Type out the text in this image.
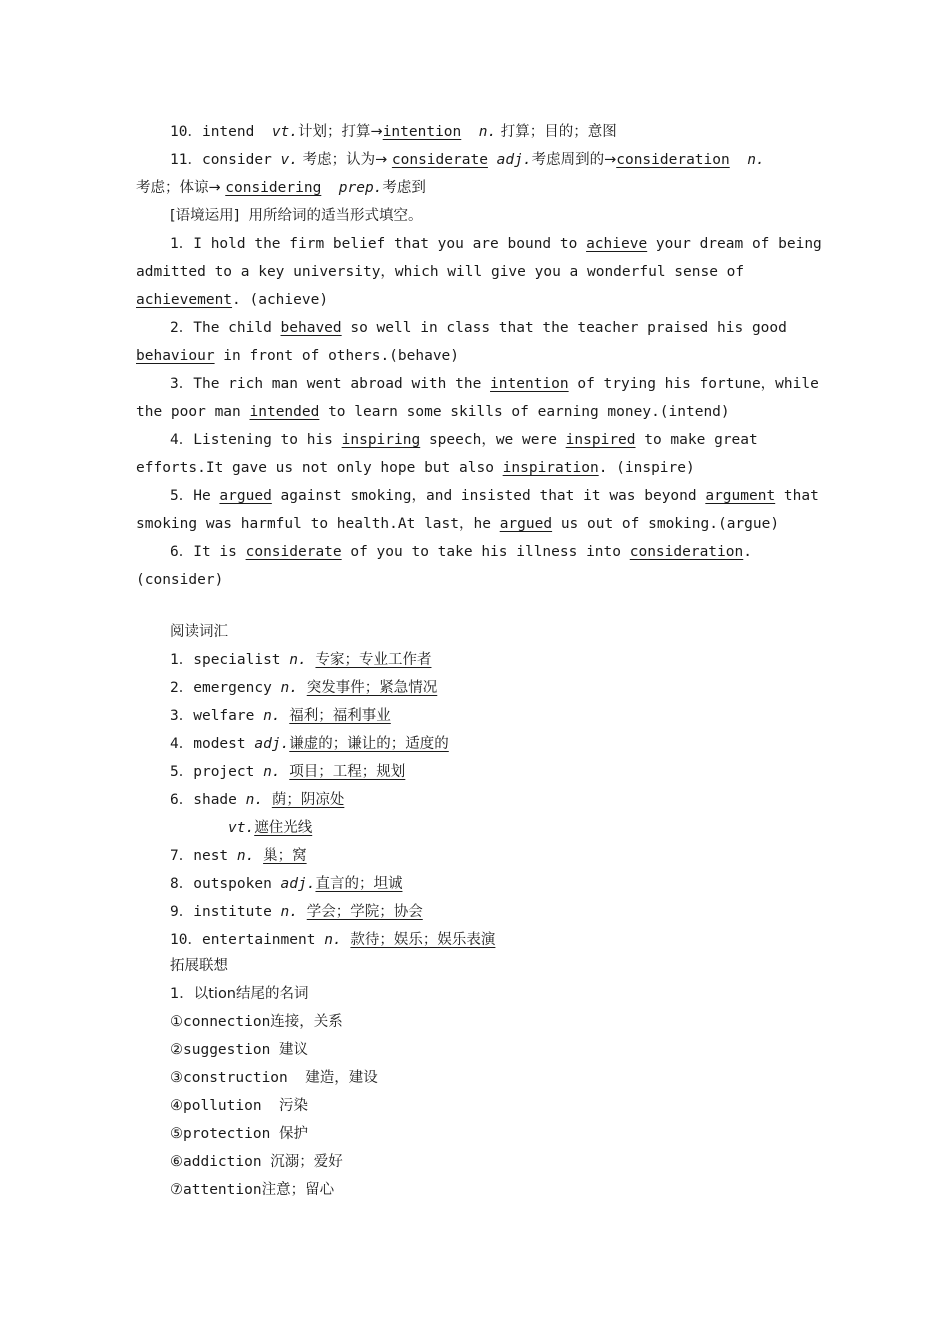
10．intend vt.计划；打算→intention n. 打算；目的；意图
11．consider v. 考虑；认为→ considerate adj.考虑周到的→consideration n.
考虑；体谅→ considering prep.考虑到
[语境运用]  用所给词的适当形式填空。
1．I hold the firm belief that you are bound to achieve your dream of being
admitted to a key university，which will give you a wonderful sense of
achievement. (achieve)
2．The child behaved so well in class that the teacher praised his good
behaviour in front of others.(behave)
3．The rich man went abroad with the intention of trying his fortune，while
the poor man intended to learn some skills of earning money.(intend)
4．Listening to his inspiring speech，we were inspired to make great
efforts.It gave us not only hope but also inspiration. (inspire)
5．He argued against smoking，and insisted that it was beyond argument that
smoking was harmful to health.At last，he argued us out of smoking.(argue)
6．It is considerate of you to take his illness into consideration.
(consider)
阅读词汇
1．specialist n. 专家；专业工作者
2．emergency n. 突发事件；紧急情况
3．welfare n. 福利；福利事业
4．modest adj.谦虚的；谦让的；适度的
5．project n. 项目；工程；规划
6．shade n. 荫；阴凉处
vt.遮住光线
7．nest n. 巢；窝
8．outspoken adj.直言的；坦诚
9．institute n. 学会；学院；协会
10．entertainment n. 款待；娱乐；娱乐表演
拓展联想
1．以tion结尾的名词
①connection连接，关系
②suggestion 建议
③construction  建造，建设
④pollution  污染
⑤protection 保护
⑥addiction 沉溺；爱好
⑦attention注意；留心
